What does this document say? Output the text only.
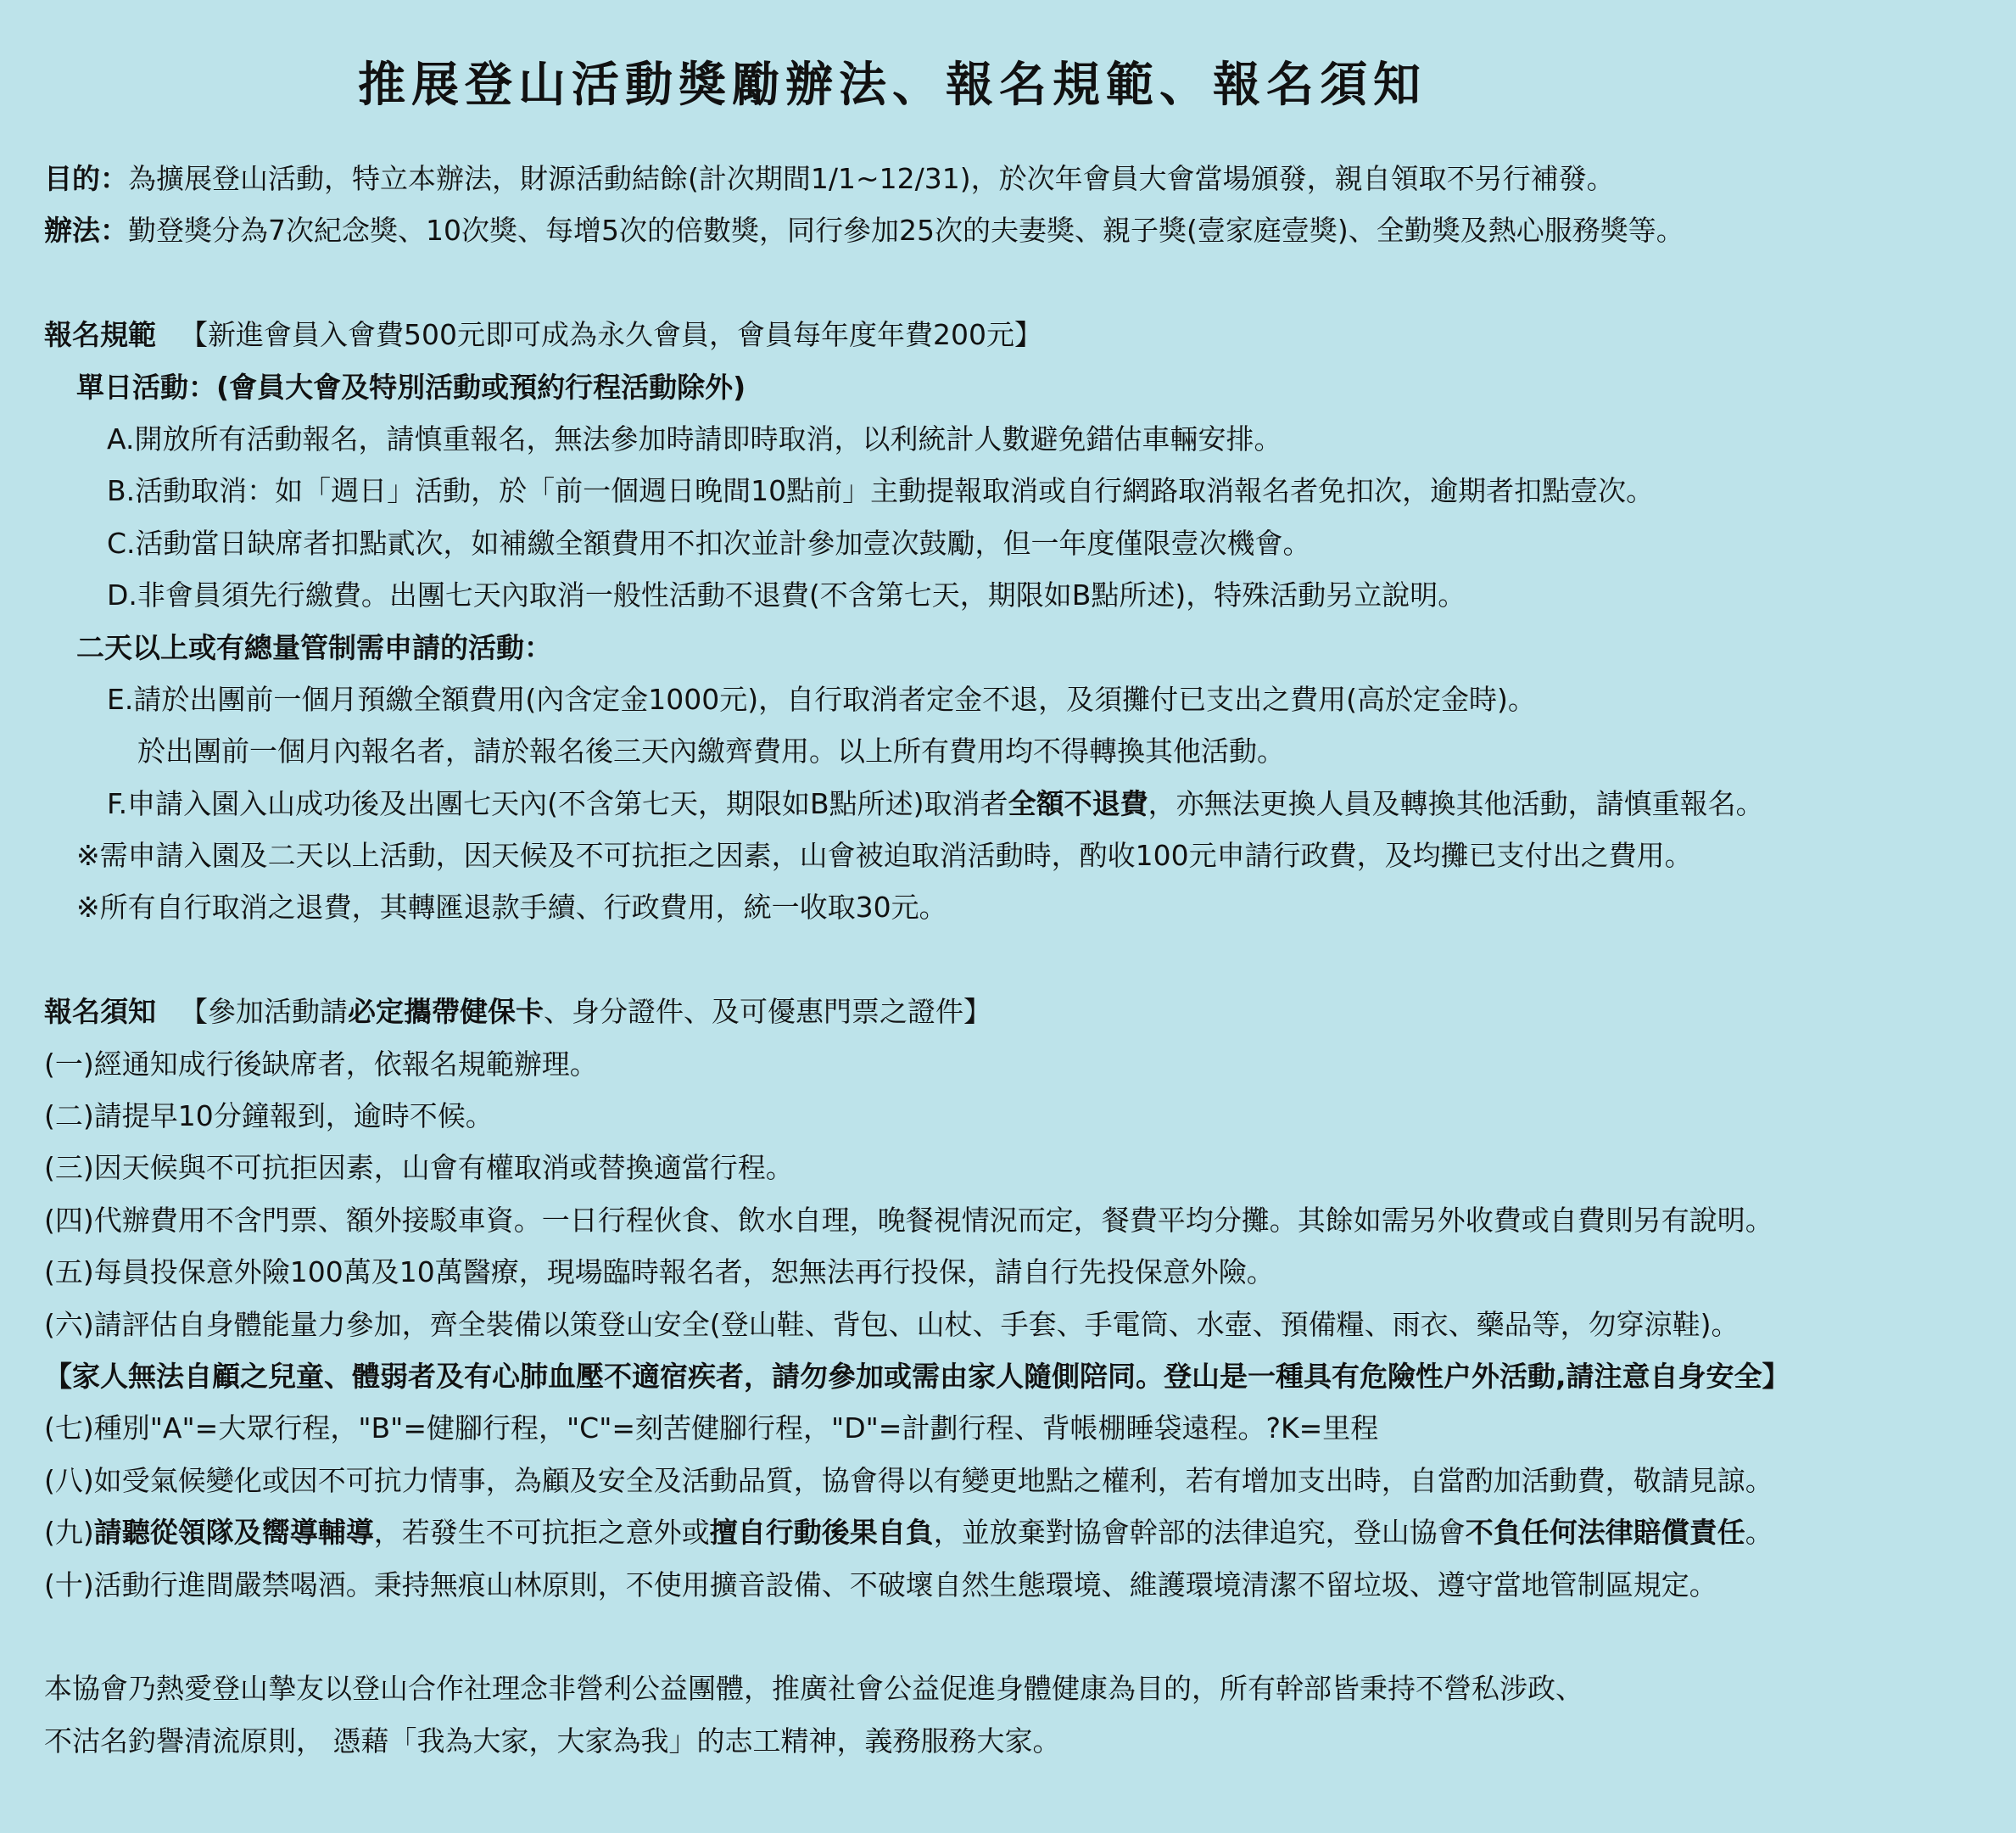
推展登山活動獎勵辦法、報名規範、報名須知
目的：為擴展登山活動，特立本辦法，財源活動結餘(計次期間1/1~12/31)，於次年會員大會當場頒發，親自領取不另行補發。
辦法：勤登獎分為7次紀念獎、10次獎、每增5次的倍數獎，同行參加25次的夫妻獎、親子獎(壹家庭壹獎)、全勤獎及熱心服務獎等。
報名規範 【新進會員入會費500元即可成為永久會員，會員每年度年費200元】
單日活動：(會員大會及特別活動或預約行程活動除外)
A.開放所有活動報名，請慎重報名，無法參加時請即時取消，以利統計人數避免錯估車輛安排。
B.活動取消：如「週日」活動，於「前一個週日晚間10點前」主動提報取消或自行網路取消報名者免扣次，逾期者扣點壹次。
C.活動當日缺席者扣點貳次，如補繳全額費用不扣次並計參加壹次鼓勵，但一年度僅限壹次機會。
D.非會員須先行繳費。出團七天內取消一般性活動不退費(不含第七天，期限如B點所述)，特殊活動另立說明。
二天以上或有總量管制需申請的活動：
E.請於出團前一個月預繳全額費用(內含定金1000元)，自行取消者定金不退，及須攤付已支出之費用(高於定金時)。
於出團前一個月內報名者，請於報名後三天內繳齊費用。以上所有費用均不得轉換其他活動。
F.申請入園入山成功後及出團七天內(不含第七天，期限如B點所述)取消者全額不退費，亦無法更換人員及轉換其他活動，請慎重報名。
※需申請入園及二天以上活動，因天候及不可抗拒之因素，山會被迫取消活動時，酌收100元申請行政費，及均攤已支付出之費用。
※所有自行取消之退費，其轉匯退款手續、行政費用，統一收取30元。
報名須知 【參加活動請必定攜帶健保卡、身分證件、及可優惠門票之證件】
(一)經通知成行後缺席者，依報名規範辦理。
(二)請提早10分鐘報到，逾時不候。
(三)因天候與不可抗拒因素，山會有權取消或替換適當行程。
(四)代辦費用不含門票、額外接駁車資。一日行程伙食、飲水自理，晚餐視情況而定，餐費平均分攤。其餘如需另外收費或自費則另有說明。
(五)每員投保意外險100萬及10萬醫療，現場臨時報名者，恕無法再行投保，請自行先投保意外險。
(六)請評估自身體能量力參加，齊全裝備以策登山安全(登山鞋、背包、山杖、手套、手電筒、水壺、預備糧、雨衣、藥品等，勿穿涼鞋)。
【家人無法自顧之兒童、體弱者及有心肺血壓不適宿疾者，請勿參加或需由家人隨側陪同。登山是一種具有危險性户外活動,請注意自身安全】
(七)種別"A"=大眾行程，"B"=健腳行程，"C"=刻苦健腳行程，"D"=計劃行程、背帳棚睡袋遠程。?K=里程
(八)如受氣候變化或因不可抗力情事，為顧及安全及活動品質，協會得以有變更地點之權利，若有增加支出時，自當酌加活動費，敬請見諒。
(九)請聽從領隊及嚮導輔導，若發生不可抗拒之意外或擅自行動後果自負，並放棄對協會幹部的法律追究，登山協會不負任何法律賠償責任。
(十)活動行進間嚴禁喝酒。秉持無痕山林原則，不使用擴音設備、不破壞自然生態環境、維護環境清潔不留垃圾、遵守當地管制區規定。
本協會乃熱愛登山摯友以登山合作社理念非營利公益團體，推廣社會公益促進身體健康為目的，所有幹部皆秉持不營私涉政、
不沽名釣譽清流原則， 憑藉「我為大家，大家為我」的志工精神，義務服務大家。
